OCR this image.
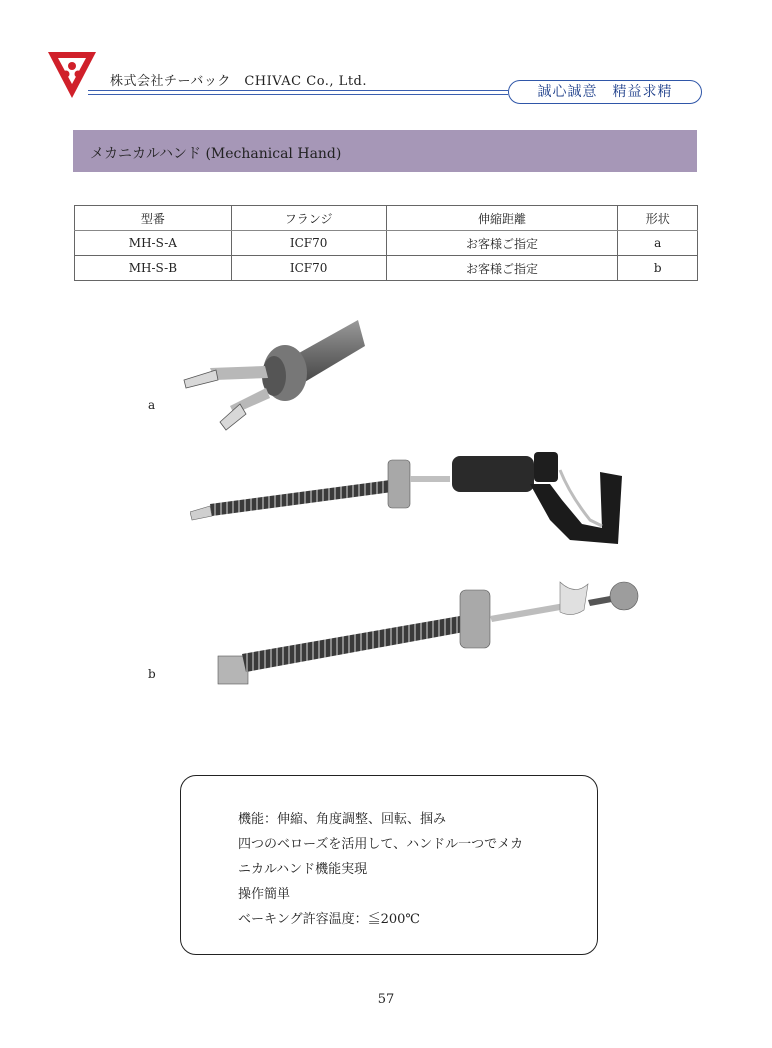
株式会社チーバック　CHIVAC Co., Ltd.
誠心誠意　精益求精
メカニカルハンド (Mechanical Hand)
型番	フランジ	伸縮距離	形状
MH-S-A	ICF70	お客様ご指定	a
MH-S-B	ICF70	お客様ご指定	b
a
b
機能：伸縮、角度調整、回転、掴み
四つのベローズを活用して、ハンドル一つでメカ
ニカルハンド機能実現
操作簡単
ベーキング許容温度：≦200℃
57
